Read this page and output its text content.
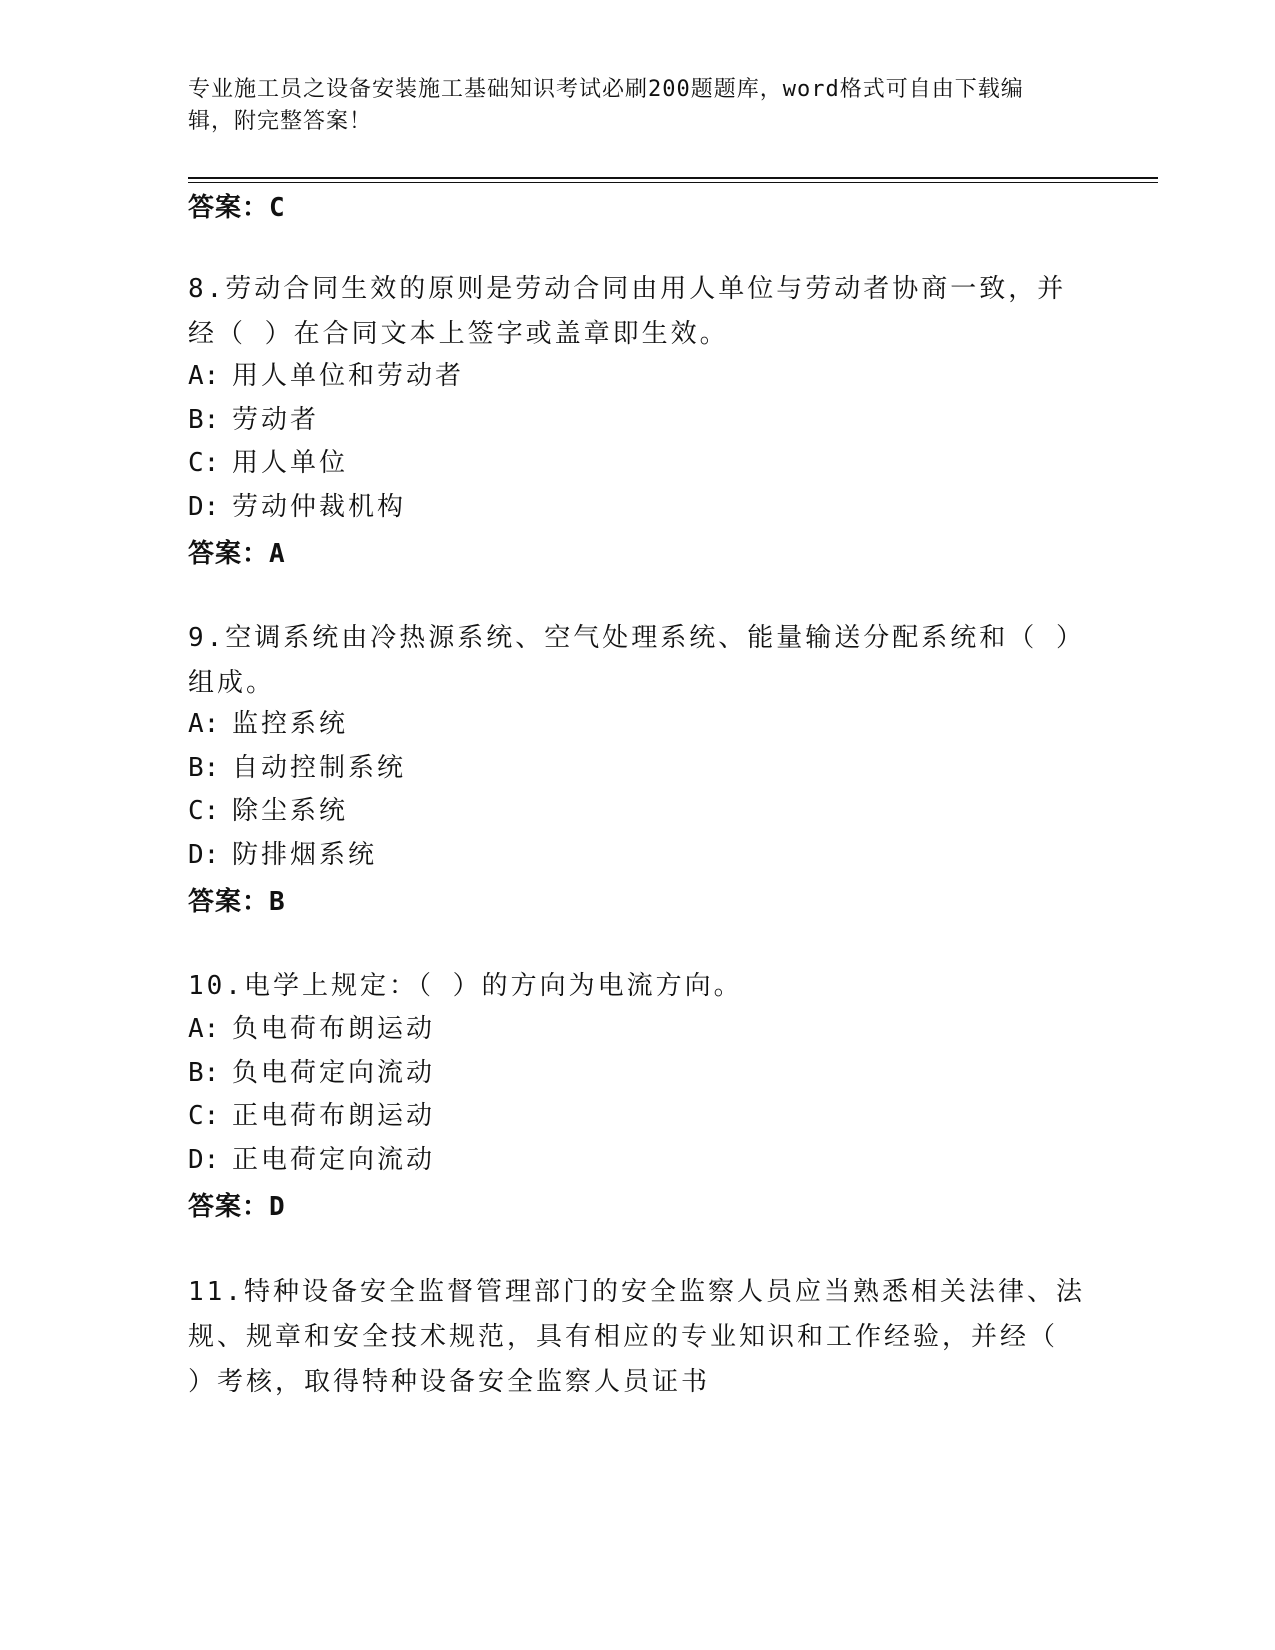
专业施工员之设备安装施工基础知识考试必刷200题题库，word格式可自由下载编辑，附完整答案！
答案：C
8.劳动合同生效的原则是劳动合同由用人单位与劳动者协商一致，并经（ ）在合同文本上签字或盖章即生效。
A: 用人单位和劳动者
B: 劳动者
C: 用人单位
D: 劳动仲裁机构
答案：A
9.空调系统由冷热源系统、空气处理系统、能量输送分配系统和（ ）组成。
A: 监控系统
B: 自动控制系统
C: 除尘系统
D: 防排烟系统
答案：B
10.电学上规定：（ ）的方向为电流方向。
A: 负电荷布朗运动
B: 负电荷定向流动
C: 正电荷布朗运动
D: 正电荷定向流动
答案：D
11.特种设备安全监督管理部门的安全监察人员应当熟悉相关法律、法规、规章和安全技术规范，具有相应的专业知识和工作经验，并经（ ）考核，取得特种设备安全监察人员证书
